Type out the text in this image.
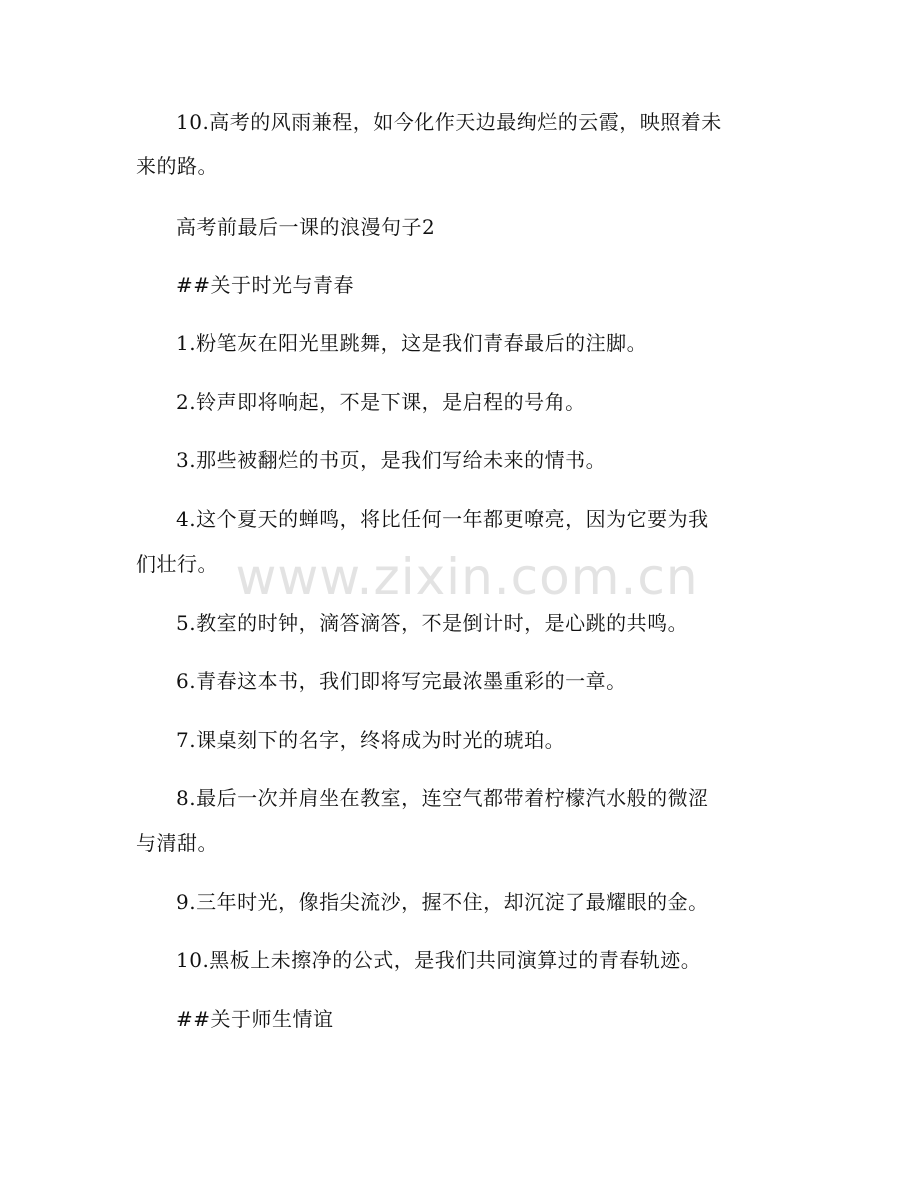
www.zixin.com.cn
10.高考的风雨兼程，如今化作天边最绚烂的云霞，映照着未
来的路。
高考前最后一课的浪漫句子2
##关于时光与青春
1.粉笔灰在阳光里跳舞，这是我们青春最后的注脚。
2.铃声即将响起，不是下课，是启程的号角。
3.那些被翻烂的书页，是我们写给未来的情书。
4.这个夏天的蝉鸣，将比任何一年都更嘹亮，因为它要为我
们壮行。
5.教室的时钟，滴答滴答，不是倒计时，是心跳的共鸣。
6.青春这本书，我们即将写完最浓墨重彩的一章。
7.课桌刻下的名字，终将成为时光的琥珀。
8.最后一次并肩坐在教室，连空气都带着柠檬汽水般的微涩
与清甜。
9.三年时光，像指尖流沙，握不住，却沉淀了最耀眼的金。
10.黑板上未擦净的公式，是我们共同演算过的青春轨迹。
##关于师生情谊
